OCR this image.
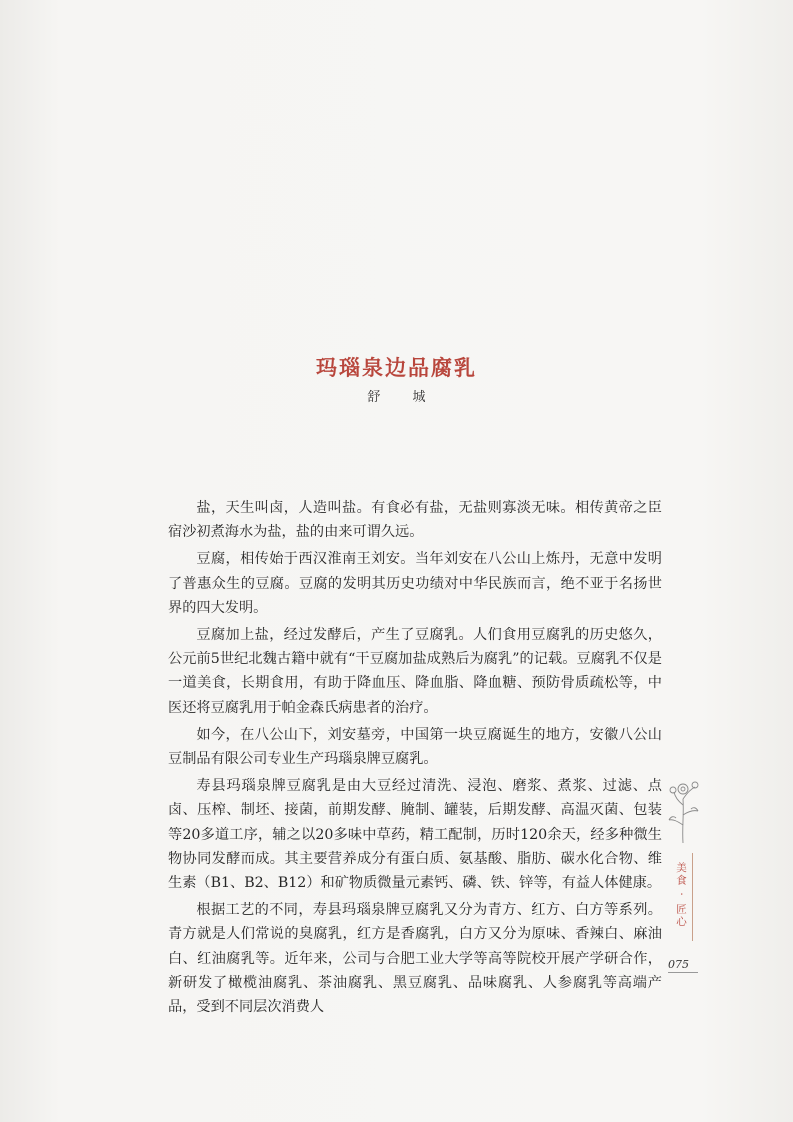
玛瑙泉边品腐乳
舒 城

盐，天生叫卤，人造叫盐。有食必有盐，无盐则寡淡无味。相传黄帝之臣宿沙初煮海水为盐，盐的由来可谓久远。

豆腐，相传始于西汉淮南王刘安。当年刘安在八公山上炼丹，无意中发明了普惠众生的豆腐。豆腐的发明其历史功绩对中华民族而言，绝不亚于名扬世界的四大发明。

豆腐加上盐，经过发酵后，产生了豆腐乳。人们食用豆腐乳的历史悠久，公元前5世纪北魏古籍中就有“干豆腐加盐成熟后为腐乳”的记载。豆腐乳不仅是一道美食，长期食用，有助于降血压、降血脂、降血糖、预防骨质疏松等，中医还将豆腐乳用于帕金森氏病患者的治疗。

如今，在八公山下，刘安墓旁，中国第一块豆腐诞生的地方，安徽八公山豆制品有限公司专业生产玛瑙泉牌豆腐乳。

寿县玛瑙泉牌豆腐乳是由大豆经过清洗、浸泡、磨浆、煮浆、过滤、点卤、压榨、制坯、接菌，前期发酵、腌制、罐装，后期发酵、高温灭菌、包装等20多道工序，辅之以20多味中草药，精工配制，历时120余天，经多种微生物协同发酵而成。其主要营养成分有蛋白质、氨基酸、脂肪、碳水化合物、维生素（B1、B2、B12）和矿物质微量元素钙、磷、铁、锌等，有益人体健康。

根据工艺的不同，寿县玛瑙泉牌豆腐乳又分为青方、红方、白方等系列。青方就是人们常说的臭腐乳，红方是香腐乳，白方又分为原味、香辣白、麻油白、红油腐乳等。近年来，公司与合肥工业大学等高等院校开展产学研合作，新研发了橄榄油腐乳、茶油腐乳、黑豆腐乳、品味腐乳、人参腐乳等高端产品，受到不同层次消费人

美食 · 匠心
075
